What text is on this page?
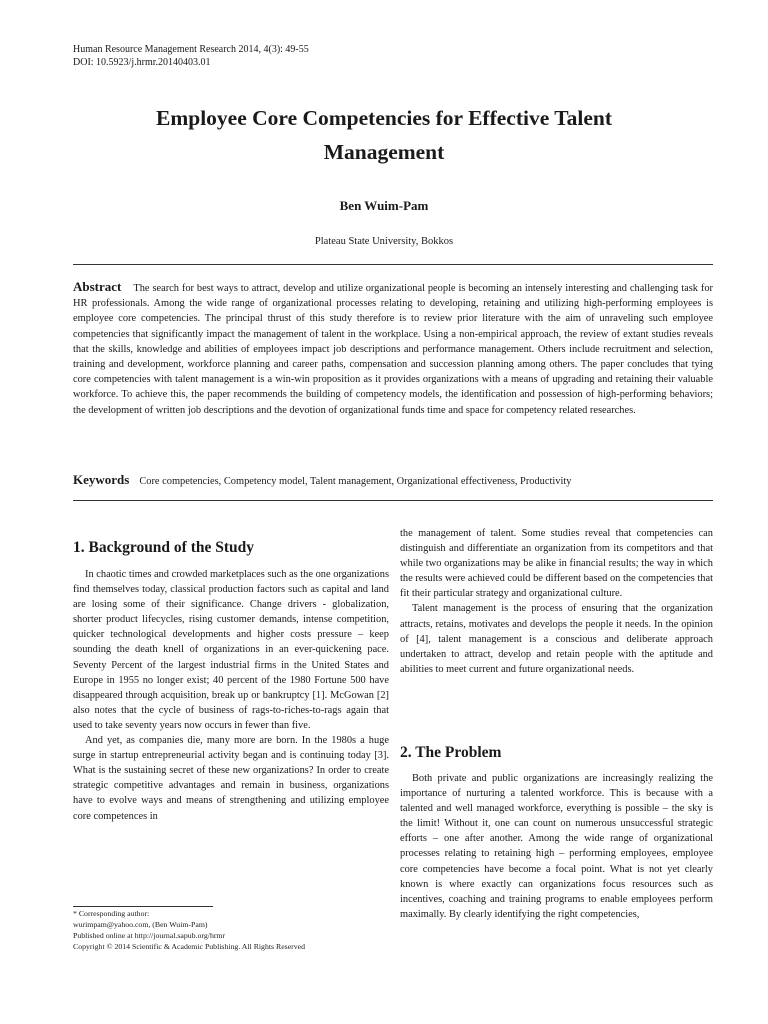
Human Resource Management Research 2014, 4(3): 49-55
DOI: 10.5923/j.hrmr.20140403.01
Employee Core Competencies for Effective Talent
Management
Ben Wuim-Pam
Plateau State University, Bokkos
Abstract The search for best ways to attract, develop and utilize organizational people is becoming an intensely interesting and challenging task for HR professionals. Among the wide range of organizational processes relating to developing, retaining and utilizing high-performing employees is employee core competencies. The principal thrust of this study therefore is to review prior literature with the aim of unraveling such employee competencies that significantly impact the management of talent in the workplace. Using a non-empirical approach, the review of extant studies reveals that the skills, knowledge and abilities of employees impact job descriptions and performance management. Others include recruitment and selection, training and development, workforce planning and career paths, compensation and succession planning among others. The paper concludes that tying core competencies with talent management is a win-win proposition as it provides organizations with a means of upgrading and retaining their valuable workforce. To achieve this, the paper recommends the building of competency models, the identification and possession of high-performing behaviors; the development of written job descriptions and the devotion of organizational funds time and space for competency related researches.
Keywords Core competencies, Competency model, Talent management, Organizational effectiveness, Productivity
1. Background of the Study

In chaotic times and crowded marketplaces such as the one organizations find themselves today, classical production factors such as capital and land are losing some of their significance. Change drivers - globalization, shorter product lifecycles, rising customer demands, intense competition, quicker technological developments and higher costs pressure – keep sounding the death knell of organizations in an ever-quickening pace. Seventy Percent of the largest industrial firms in the United States and Europe in 1955 no longer exist; 40 percent of the 1980 Fortune 500 have disappeared through acquisition, break up or bankruptcy [1]. McGowan [2] also notes that the cycle of business of rags-to-riches-to-rags again that used to take seventy years now occurs in fewer than five.

And yet, as companies die, many more are born. In the 1980s a huge surge in startup entrepreneurial activity began and is continuing today [3]. What is the sustaining secret of these new organizations? In order to create strategic competitive advantages and remain in business, organizations have to evolve ways and means of strengthening and utilizing employee core competences in

the management of talent. Some studies reveal that competencies can distinguish and differentiate an organization from its competitors and that while two organizations may be alike in financial results; the way in which the results were achieved could be different based on the competencies that fit their particular strategy and organizational culture.

Talent management is the process of ensuring that the organization attracts, retains, motivates and develops the people it needs. In the opinion of [4], talent management is a conscious and deliberate approach undertaken to attract, develop and retain people with the aptitude and abilities to meet current and future organizational needs.

2. The Problem

Both private and public organizations are increasingly realizing the importance of nurturing a talented workforce. This is because with a talented and well managed workforce, everything is possible – the sky is the limit! Without it, one can count on numerous unsuccessful strategic efforts – one after another. Among the wide range of organizational processes relating to retaining high – performing employees, employee core competencies have become a focal point. What is not yet clearly known is where exactly can organizations focus resources such as incentives, coaching and training programs to enable employees perform maximally. By clearly identifying the right competencies,

* Corresponding author:
wurimpam@yahoo.com, (Ben Wuim-Pam)
Published online at http://journal.sapub.org/hrmr
Copyright © 2014 Scientific & Academic Publishing. All Rights Reserved
